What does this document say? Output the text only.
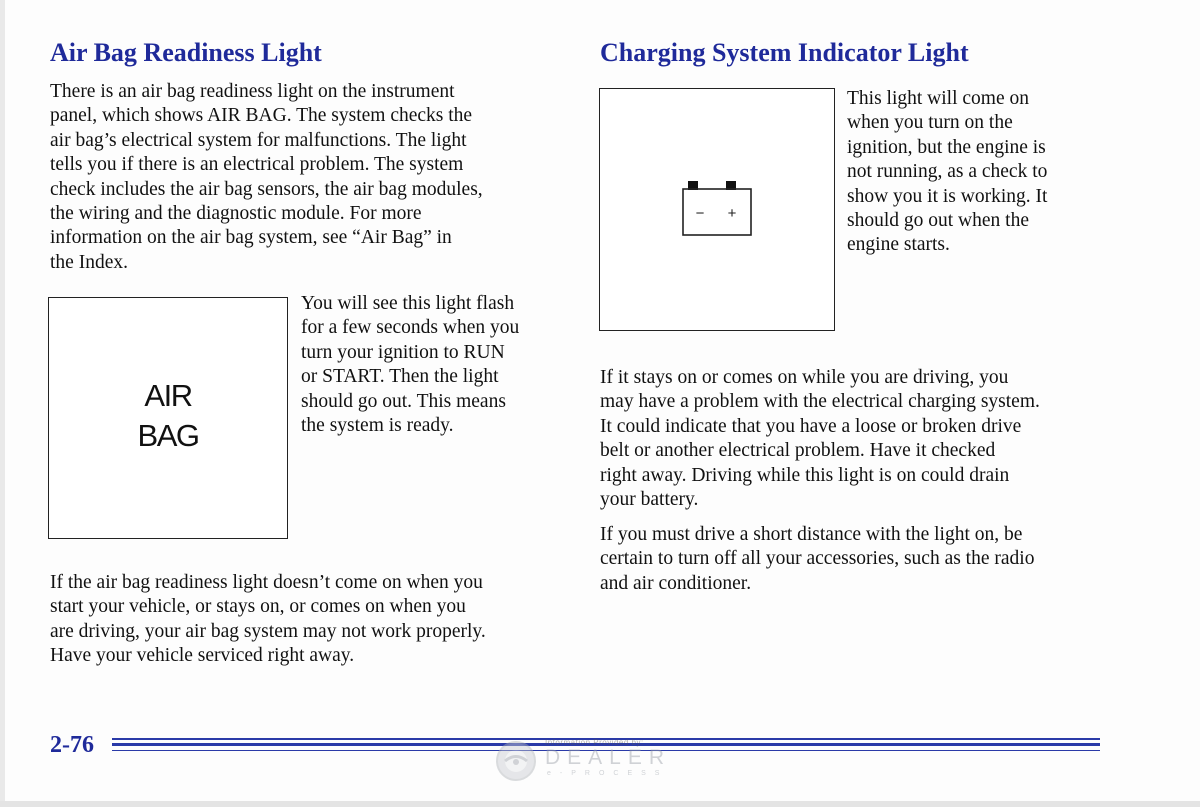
Air Bag Readiness Light
There is an air bag readiness light on the instrument
panel, which shows AIR BAG. The system checks the
air bag’s electrical system for malfunctions. The light
tells you if there is an electrical problem. The system
check includes the air bag sensors, the air bag modules,
the wiring and the diagnostic module. For more
information on the air bag system, see “Air Bag” in
the Index.
AIR
BAG
You will see this light flash
for a few seconds when you
turn your ignition to RUN
or START. Then the light
should go out. This means
the system is ready.
If the air bag readiness light doesn’t come on when you
start your vehicle, or stays on, or comes on when you
are driving, your air bag system may not work properly.
Have your vehicle serviced right away.
Charging System Indicator Light
− +
This light will come on
when you turn on the
ignition, but the engine is
not running, as a check to
show you it is working. It
should go out when the
engine starts.
If it stays on or comes on while you are driving, you
may have a problem with the electrical charging system.
It could indicate that you have a loose or broken drive
belt or another electrical problem. Have it checked
right away. Driving while this light is on could drain
your battery.
If you must drive a short distance with the light on, be
certain to turn off all your accessories, such as the radio
and air conditioner.
2-76	Information Provided by:
DEALER
e-PROCESS
